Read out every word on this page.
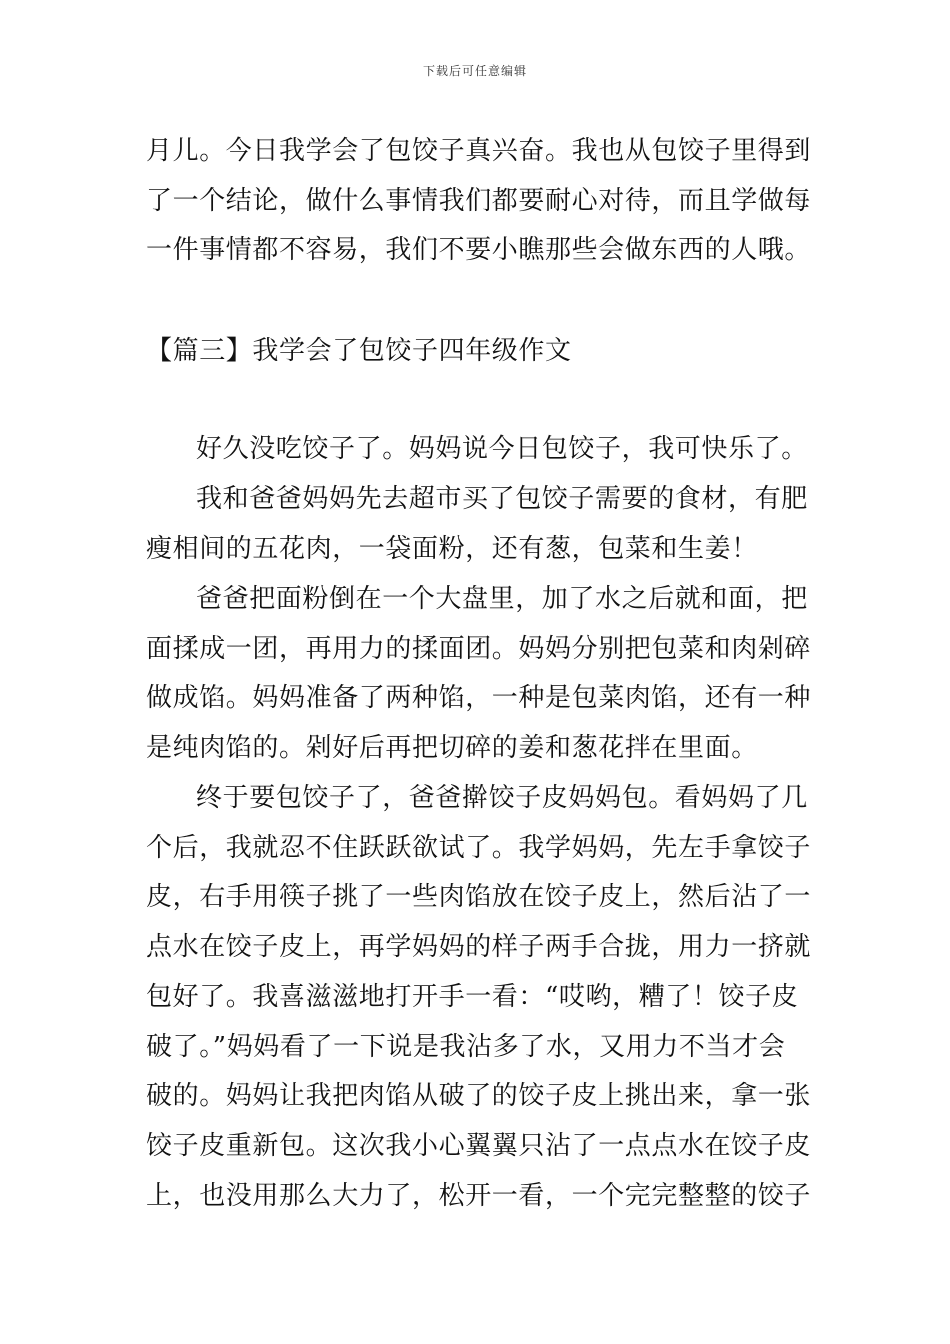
下载后可任意编辑
月儿。今日我学会了包饺子真兴奋。我也从包饺子里得到
了一个结论，做什么事情我们都要耐心对待，而且学做每
一件事情都不容易，我们不要小瞧那些会做东西的人哦。
【篇三】我学会了包饺子四年级作文
好久没吃饺子了。妈妈说今日包饺子，我可快乐了。
我和爸爸妈妈先去超市买了包饺子需要的食材，有肥
瘦相间的五花肉，一袋面粉，还有葱，包菜和生姜！
爸爸把面粉倒在一个大盘里，加了水之后就和面，把
面揉成一团，再用力的揉面团。妈妈分别把包菜和肉剁碎
做成馅。妈妈准备了两种馅，一种是包菜肉馅，还有一种
是纯肉馅的。剁好后再把切碎的姜和葱花拌在里面。
终于要包饺子了，爸爸擀饺子皮妈妈包。看妈妈了几
个后，我就忍不住跃跃欲试了。我学妈妈，先左手拿饺子
皮，右手用筷子挑了一些肉馅放在饺子皮上，然后沾了一
点水在饺子皮上，再学妈妈的样子两手合拢，用力一挤就
包好了。我喜滋滋地打开手一看：“哎哟，糟了！饺子皮
破了。”妈妈看了一下说是我沾多了水，又用力不当才会
破的。妈妈让我把肉馅从破了的饺子皮上挑出来，拿一张
饺子皮重新包。这次我小心翼翼只沾了一点点水在饺子皮
上，也没用那么大力了，松开一看，一个完完整整的饺子
